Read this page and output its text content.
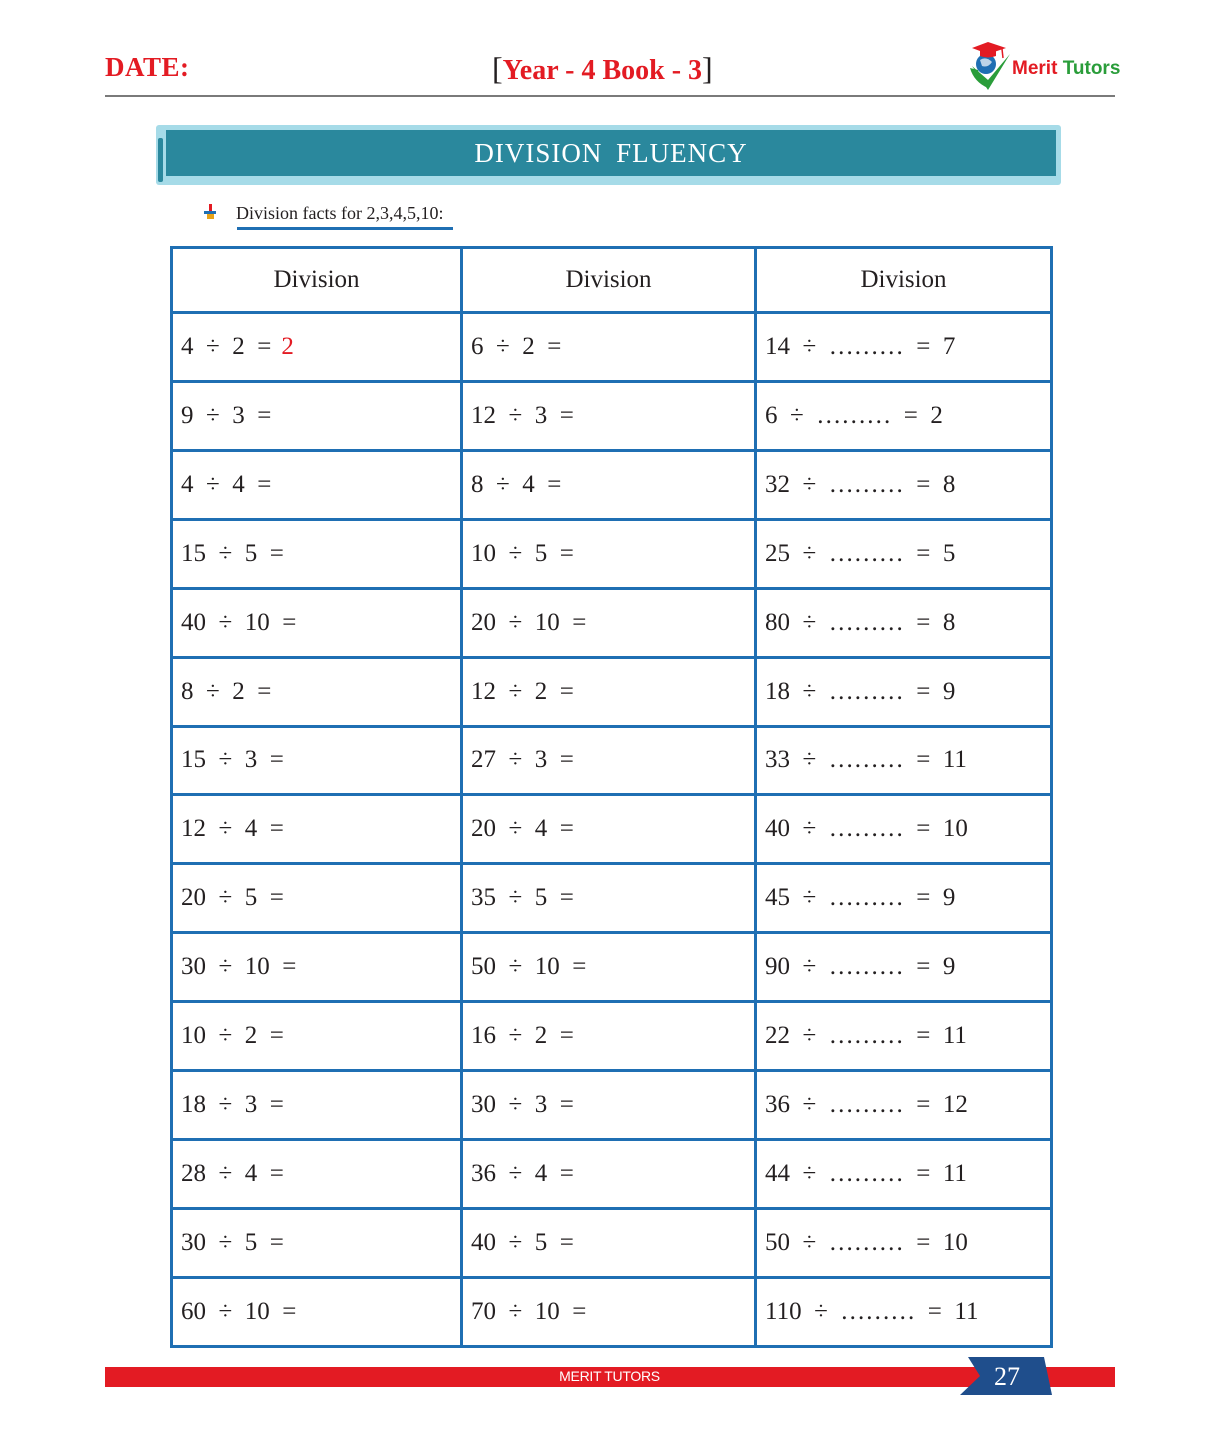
DATE:	[Year - 4 Book - 3]	Merit Tutors
DIVISION FLUENCY
Division facts for 2,3,4,5,10:
Division	Division	Division
4  ÷  2  = 2	6  ÷  2  =	14  ÷  ………  =  7
9  ÷  3  =	12  ÷  3  =	6  ÷  ………  =  2
4  ÷  4  =	8  ÷  4  =	32  ÷  ………  =  8
15  ÷  5  =	10  ÷  5  =	25  ÷  ………  =  5
40  ÷  10  =	20  ÷  10  =	80  ÷  ………  =  8
8  ÷  2  =	12  ÷  2  =	18  ÷  ………  =  9
15  ÷  3  =	27  ÷  3  =	33  ÷  ………  =  11
12  ÷  4  =	20  ÷  4  =	40  ÷  ………  =  10
20  ÷  5  =	35  ÷  5  =	45  ÷  ………  =  9
30  ÷  10  =	50  ÷  10  =	90  ÷  ………  =  9
10  ÷  2  =	16  ÷  2  =	22  ÷  ………  =  11
18  ÷  3  =	30  ÷  3  =	36  ÷  ………  =  12
28  ÷  4  =	36  ÷  4  =	44  ÷  ………  =  11
30  ÷  5  =	40  ÷  5  =	50  ÷  ………  =  10
60  ÷  10  =	70  ÷  10  =	110  ÷  ………  =  11
MERIT TUTORS	27
